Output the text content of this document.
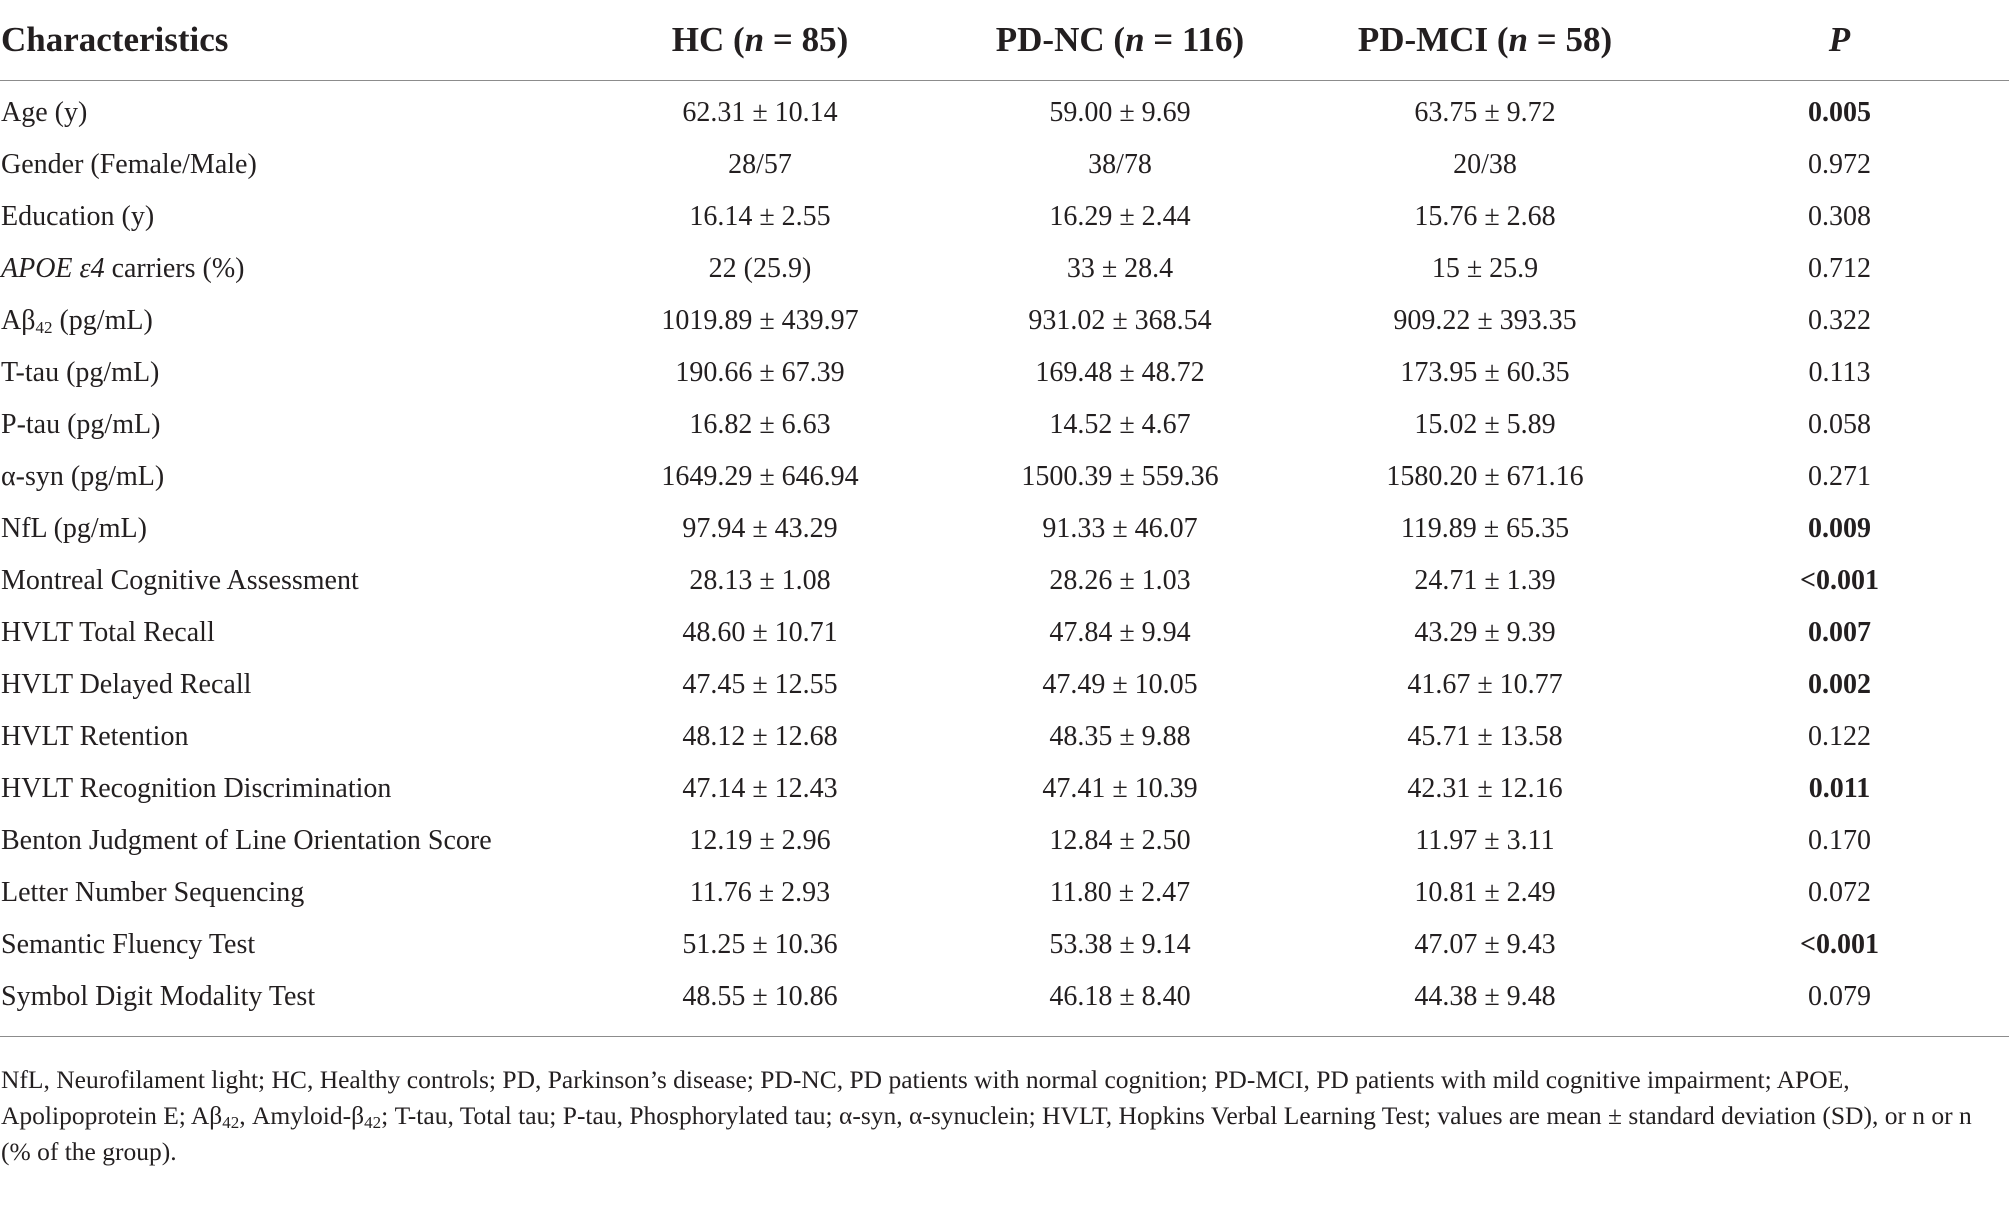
Characteristics	HC (n = 85)	PD-NC (n = 116)	PD-MCI (n = 58)	P
Age (y)	62.31 ± 10.14	59.00 ± 9.69	63.75 ± 9.72	0.005
Gender (Female/Male)	28/57	38/78	20/38	0.972
Education (y)	16.14 ± 2.55	16.29 ± 2.44	15.76 ± 2.68	0.308
APOE ε4 carriers (%)	22 (25.9)	33 ± 28.4	15 ± 25.9	0.712
$A\beta_{42}$ (pg/mL)	1019.89 ± 439.97	931.02 ± 368.54	909.22 ± 393.35	0.322
T-tau (pg/mL)	190.66 ± 67.39	169.48 ± 48.72	173.95 ± 60.35	0.113
P-tau (pg/mL)	16.82 ± 6.63	14.52 ± 4.67	15.02 ± 5.89	0.058
α-syn (pg/mL)	1649.29 ± 646.94	1500.39 ± 559.36	1580.20 ± 671.16	0.271
NfL (pg/mL)	97.94 ± 43.29	91.33 ± 46.07	119.89 ± 65.35	0.009
Montreal Cognitive Assessment	28.13 ± 1.08	28.26 ± 1.03	24.71 ± 1.39	<0.001
HVLT Total Recall	48.60 ± 10.71	47.84 ± 9.94	43.29 ± 9.39	0.007
HVLT Delayed Recall	47.45 ± 12.55	47.49 ± 10.05	41.67 ± 10.77	0.002
HVLT Retention	48.12 ± 12.68	48.35 ± 9.88	45.71 ± 13.58	0.122
HVLT Recognition Discrimination	47.14 ± 12.43	47.41 ± 10.39	42.31 ± 12.16	0.011
Benton Judgment of Line Orientation Score	12.19 ± 2.96	12.84 ± 2.50	11.97 ± 3.11	0.170
Letter Number Sequencing	11.76 ± 2.93	11.80 ± 2.47	10.81 ± 2.49	0.072
Semantic Fluency Test	51.25 ± 10.36	53.38 ± 9.14	47.07 ± 9.43	<0.001
Symbol Digit Modality Test	48.55 ± 10.86	46.18 ± 8.40	44.38 ± 9.48	0.079
NfL, Neurofilament light; HC, Healthy controls; PD, Parkinson’s disease; PD-NC, PD patients with normal cognition; PD-MCI, PD patients with mild cognitive impairment; APOE, Apolipoprotein E; $A\beta_{42}$, Amyloid-$\beta_{42}$; T-tau, Total tau; P-tau, Phosphorylated tau; α-syn, α-synuclein; HVLT, Hopkins Verbal Learning Test; values are mean ± standard deviation (SD), or n or n (% of the group).
